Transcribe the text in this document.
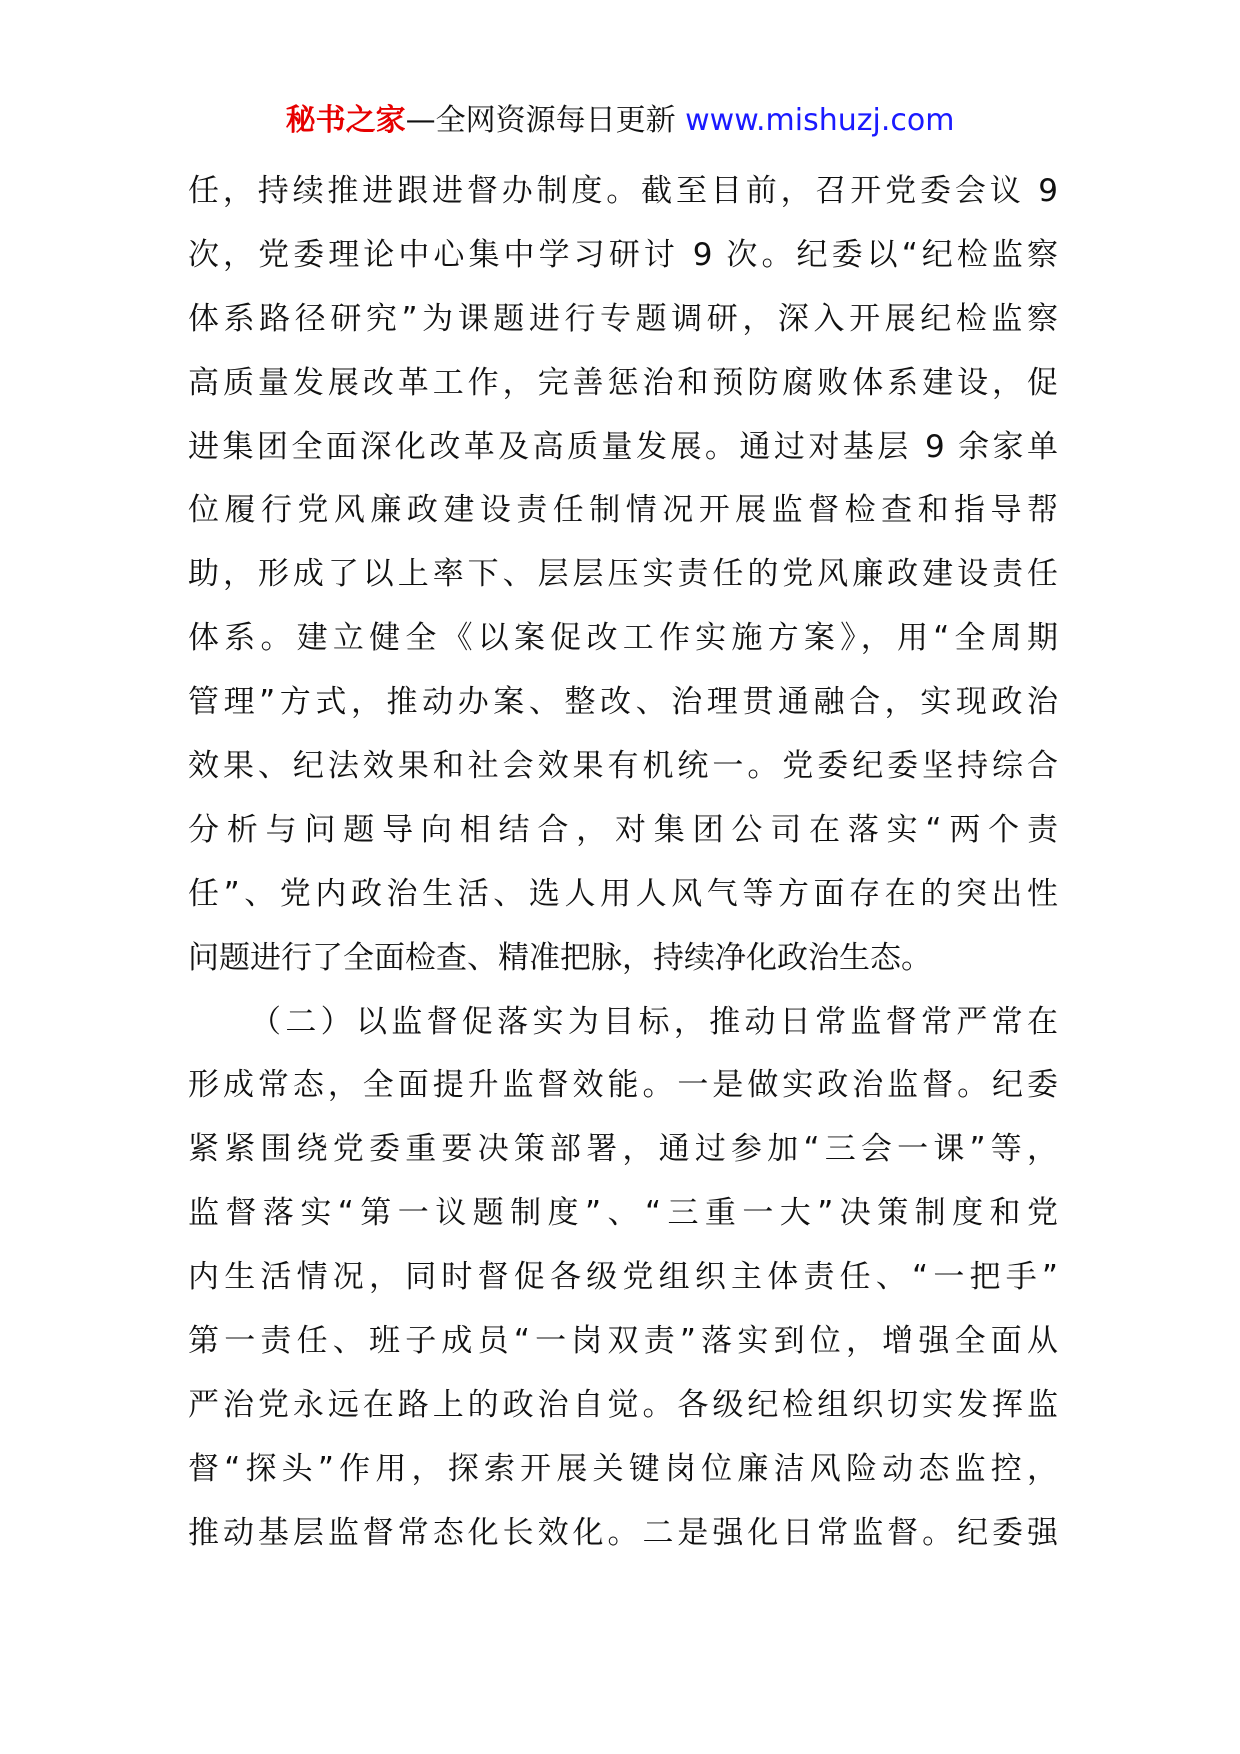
秘书之家—全网资源每日更新 www.mishuzj.com
任，持续推进跟进督办制度。截至目前，召开党委会议 9
次，党委理论中心集中学习研讨 9 次。纪委以“纪检监察
体系路径研究”为课题进行专题调研，深入开展纪检监察
高质量发展改革工作，完善惩治和预防腐败体系建设，促
进集团全面深化改革及高质量发展。通过对基层 9 余家单
位履行党风廉政建设责任制情况开展监督检查和指导帮
助，形成了以上率下、层层压实责任的党风廉政建设责任
体系。建立健全《以案促改工作实施方案》，用“全周期
管理”方式，推动办案、整改、治理贯通融合，实现政治
效果、纪法效果和社会效果有机统一。党委纪委坚持综合
分析与问题导向相结合，对集团公司在落实“两个责
任”、党内政治生活、选人用人风气等方面存在的突出性
问题进行了全面检查、精准把脉，持续净化政治生态。
（二）以监督促落实为目标，推动日常监督常严常在
形成常态，全面提升监督效能。一是做实政治监督。纪委
紧紧围绕党委重要决策部署，通过参加“三会一课”等，
监督落实“第一议题制度”、“三重一大”决策制度和党
内生活情况，同时督促各级党组织主体责任、“一把手”
第一责任、班子成员“一岗双责”落实到位，增强全面从
严治党永远在路上的政治自觉。各级纪检组织切实发挥监
督“探头”作用，探索开展关键岗位廉洁风险动态监控，
推动基层监督常态化长效化。二是强化日常监督。纪委强
